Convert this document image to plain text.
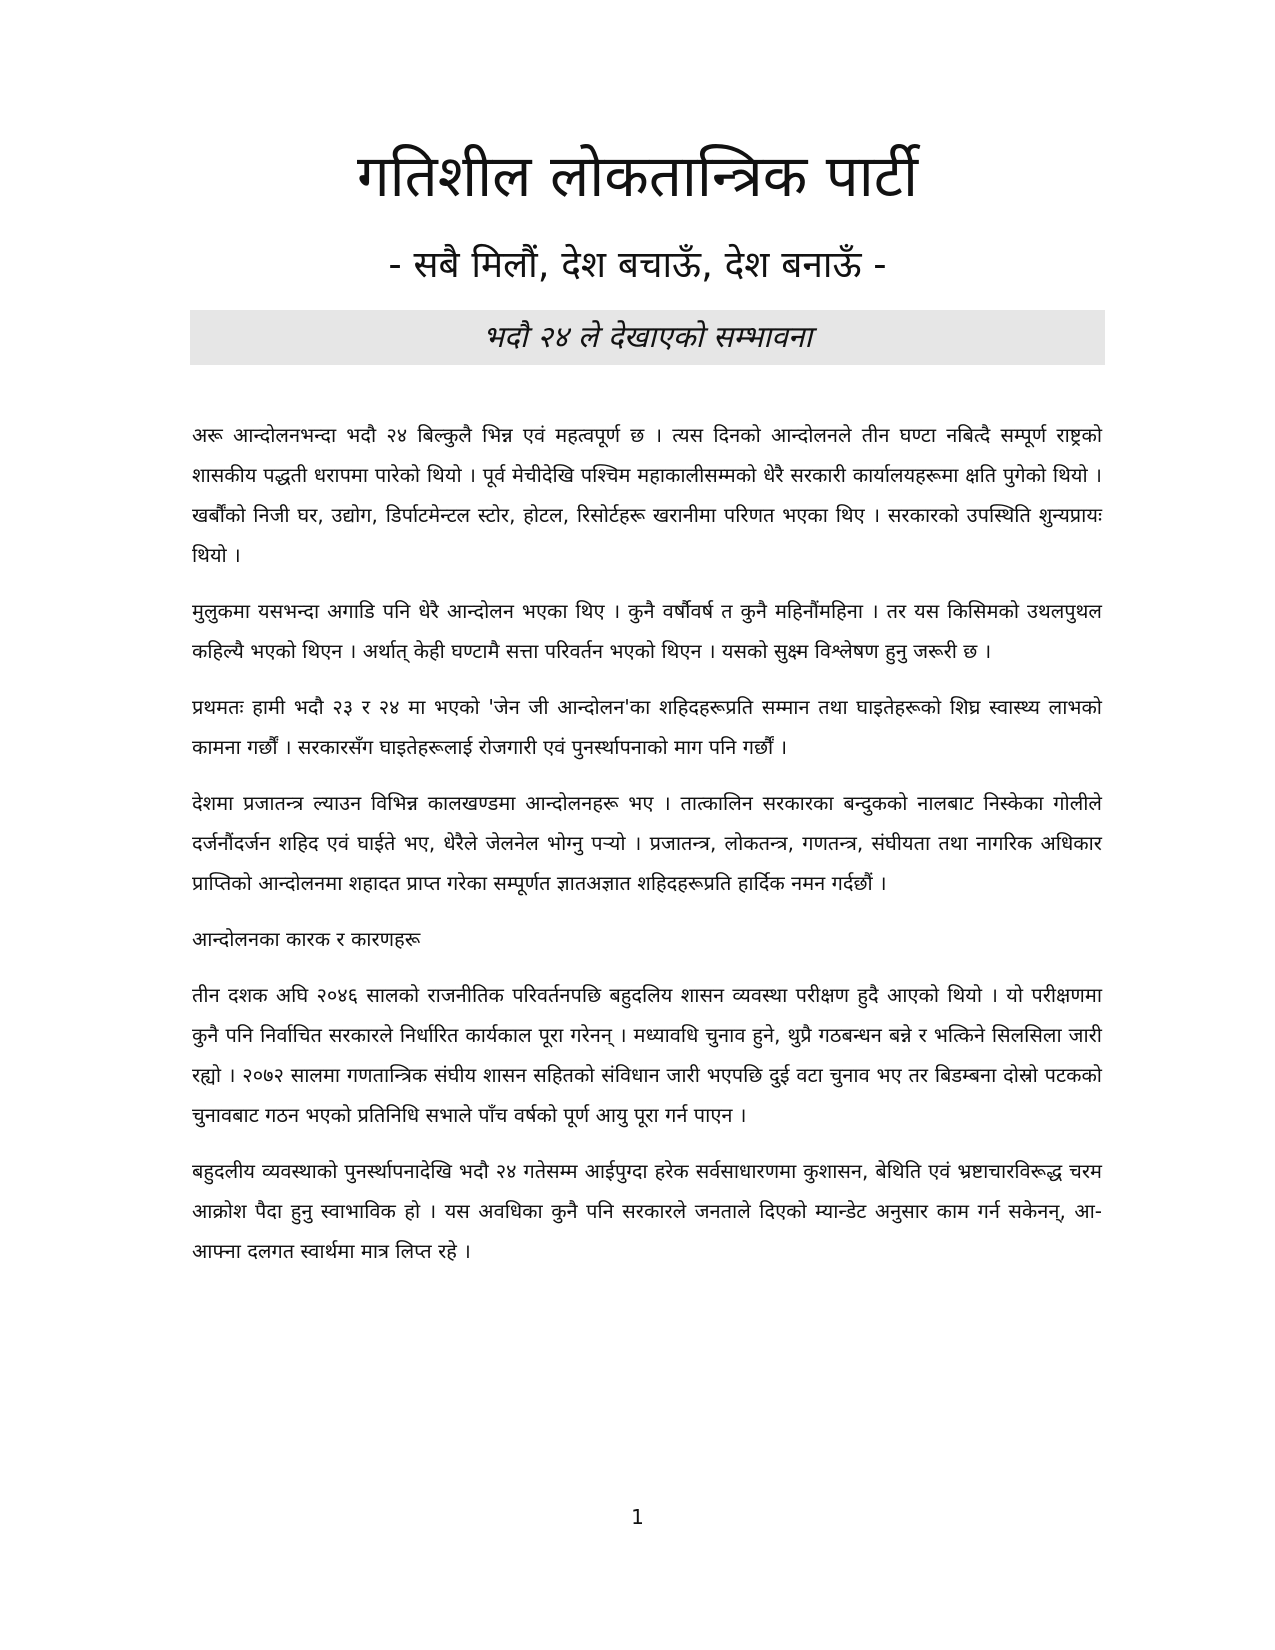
गतिशील लोकतान्त्रिक पार्टी
- सबै मिलौं, देश बचाऊँ, देश बनाऊँ -
भदौ २४ ले देखाएको सम्भावना

अरू आन्दोलनभन्दा भदौ २४ बिल्कुलै भिन्न एवं महत्वपूर्ण छ । त्यस दिनको आन्दोलनले तीन घण्टा नबित्दै सम्पूर्ण राष्ट्रको शासकीय पद्धती धरापमा पारेको थियो । पूर्व मेचीदेखि पश्चिम महाकालीसम्मको धेरै सरकारी कार्यालयहरूमा क्षति पुगेको थियो । खर्बौंको निजी घर, उद्योग, डिर्पाटमेन्टल स्टोर, होटल, रिसोर्टहरू खरानीमा परिणत भएका थिए । सरकारको उपस्थिति शुन्यप्रायः थियो ।

मुलुकमा यसभन्दा अगाडि पनि धेरै आन्दोलन भएका थिए । कुनै वर्षौवर्ष त कुनै महिनौंमहिना । तर यस किसिमको उथलपुथल कहिल्यै भएको थिएन । अर्थात् केही घण्टामै सत्ता परिवर्तन भएको थिएन । यसको सुक्ष्म विश्लेषण हुनु जरूरी छ ।

प्रथमतः हामी भदौ २३ र २४ मा भएको 'जेन जी आन्दोलन'का शहिदहरूप्रति सम्मान तथा घाइतेहरूको शिघ्र स्वास्थ्य लाभको कामना गर्छौं । सरकारसँग घाइतेहरूलाई रोजगारी एवं पुनर्स्थापनाको माग पनि गर्छौं ।

देशमा प्रजातन्त्र ल्याउन विभिन्न कालखण्डमा आन्दोलनहरू भए । तात्कालिन सरकारका बन्दुकको नालबाट निस्केका गोलीले दर्जनौंदर्जन शहिद एवं घाईते भए, धेरैले जेलनेल भोग्नु पर्‍यो । प्रजातन्त्र, लोकतन्त्र, गणतन्त्र, संघीयता तथा नागरिक अधिकार प्राप्तिको आन्दोलनमा शहादत प्राप्त गरेका सम्पूर्णत ज्ञातअज्ञात शहिदहरूप्रति हार्दिक नमन गर्दछौं ।

आन्दोलनका कारक र कारणहरू

तीन दशक अघि २०४६ सालको राजनीतिक परिवर्तनपछि बहुदलिय शासन व्यवस्था परीक्षण हुदै आएको थियो । यो परीक्षणमा कुनै पनि निर्वाचित सरकारले निर्धारित कार्यकाल पूरा गरेनन् । मध्यावधि चुनाव हुने, थुप्रै गठबन्धन बन्ने र भत्किने सिलसिला जारी रह्यो । २०७२ सालमा गणतान्त्रिक संघीय शासन सहितको संविधान जारी भएपछि दुई वटा चुनाव भए तर बिडम्बना दोस्रो पटकको चुनावबाट गठन भएको प्रतिनिधि सभाले पाँच वर्षको पूर्ण आयु पूरा गर्न पाएन ।

बहुदलीय व्यवस्थाको पुनर्स्थापनादेखि भदौ २४ गतेसम्म आईपुग्दा हरेक सर्वसाधारणमा कुशासन, बेथिति एवं भ्रष्टाचारविरूद्ध चरम आक्रोश पैदा हुनु स्वाभाविक हो । यस अवधिका कुनै पनि सरकारले जनताले दिएको म्यान्डेट अनुसार काम गर्न सकेनन्, आ-आफ्ना दलगत स्वार्थमा मात्र लिप्त रहे ।

1
